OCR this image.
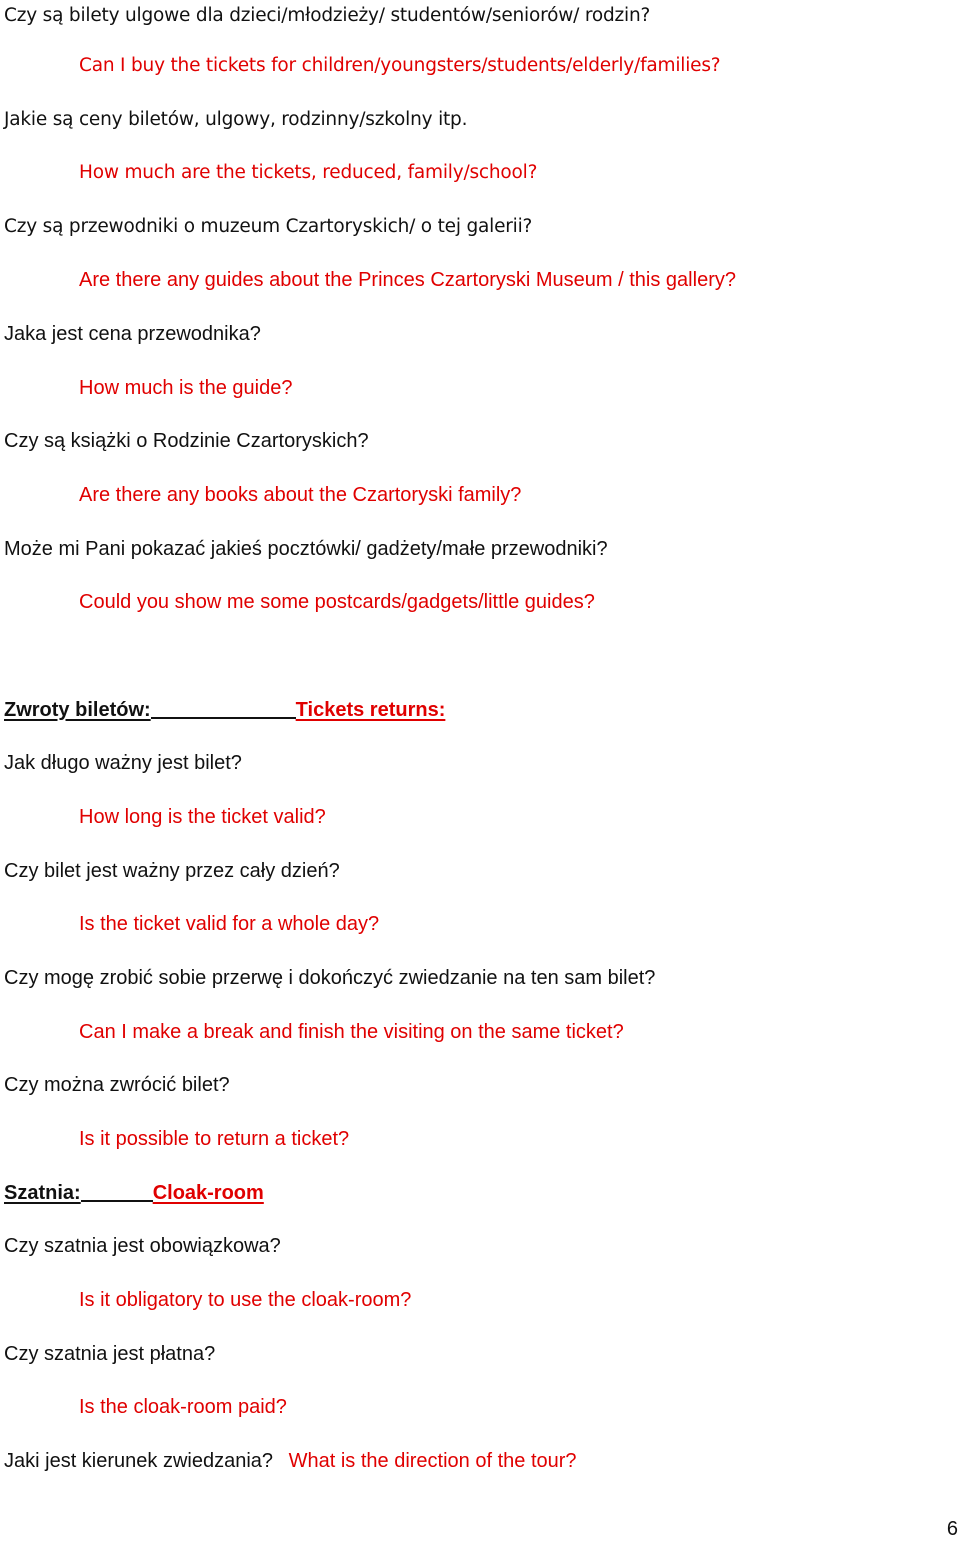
Czy są bilety ulgowe dla dzieci/młodzieży/ studentów/seniorów/ rodzin?
Can I buy the tickets for children/youngsters/students/elderly/families?
Jakie są ceny biletów, ulgowy, rodzinny/szkolny itp.
How much are the tickets, reduced, family/school?
Czy są przewodniki o muzeum Czartoryskich/ o tej galerii?
Are there any guides about the Princes Czartoryski Museum / this gallery?
Jaka jest cena przewodnika?
How much is the guide?
Czy są książki o Rodzinie Czartoryskich?
Are there any books about the Czartoryski family?
Może mi Pani pokazać jakieś pocztówki/ gadżety/małe przewodniki?
Could you show me some postcards/gadgets/little guides?
Zwroty biletów:	Tickets returns:
Jak długo ważny jest bilet?
How long is the ticket valid?
Czy bilet jest ważny przez cały dzień?
Is the ticket valid for a whole day?
Czy mogę zrobić sobie przerwę i dokończyć zwiedzanie na ten sam bilet?
Can I make a break and finish the visiting on the same ticket?
Czy można zwrócić bilet?
Is it possible to return a ticket?
Szatnia:	Cloak-room
Czy szatnia jest obowiązkowa?
Is it obligatory to use the cloak-room?
Czy szatnia jest płatna?
Is the cloak-room paid?
Jaki jest kierunek zwiedzania? What is the direction of the tour?
6
